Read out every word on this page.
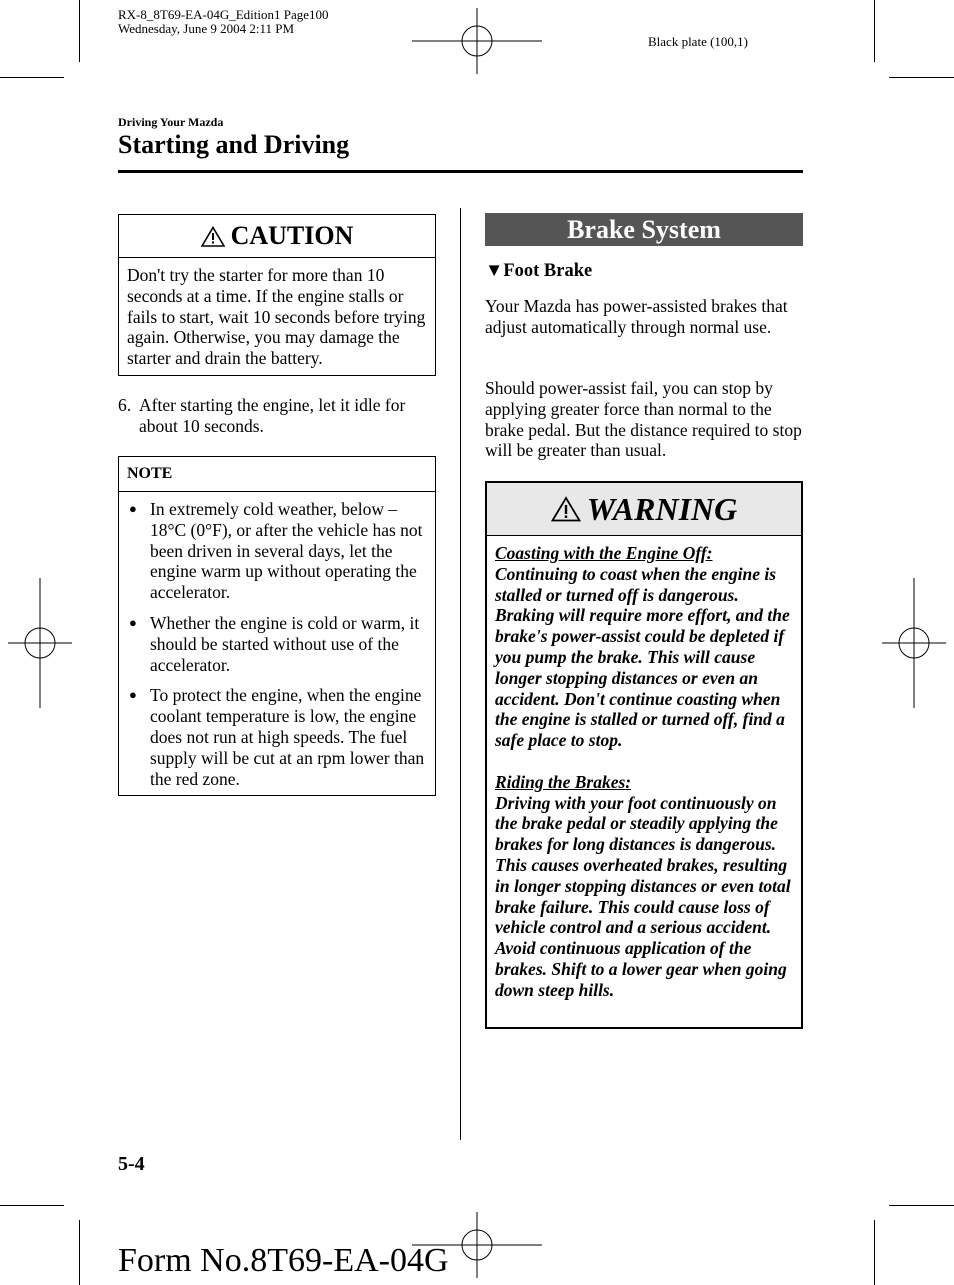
RX-8_8T69-EA-04G_Edition1 Page100
Wednesday, June 9 2004 2:11 PM
Black plate (100,1)
Driving Your Mazda
Starting and Driving
CAUTION
Don't try the starter for more than 10 seconds at a time. If the engine stalls or fails to start, wait 10 seconds before trying again. Otherwise, you may damage the starter and drain the battery.
6. After starting the engine, let it idle for about 10 seconds.
NOTE
● In extremely cold weather, below –18°C (0°F), or after the vehicle has not been driven in several days, let the engine warm up without operating the accelerator.
● Whether the engine is cold or warm, it should be started without use of the accelerator.
● To protect the engine, when the engine coolant temperature is low, the engine does not run at high speeds. The fuel supply will be cut at an rpm lower than the red zone.
Brake System
▼Foot Brake
Your Mazda has power-assisted brakes that adjust automatically through normal use.
Should power-assist fail, you can stop by applying greater force than normal to the brake pedal. But the distance required to stop will be greater than usual.
WARNING
Coasting with the Engine Off:
Continuing to coast when the engine is stalled or turned off is dangerous. Braking will require more effort, and the brake's power-assist could be depleted if you pump the brake. This will cause longer stopping distances or even an accident. Don't continue coasting when the engine is stalled or turned off, find a safe place to stop.
Riding the Brakes:
Driving with your foot continuously on the brake pedal or steadily applying the brakes for long distances is dangerous. This causes overheated brakes, resulting in longer stopping distances or even total brake failure. This could cause loss of vehicle control and a serious accident. Avoid continuous application of the brakes. Shift to a lower gear when going down steep hills.
5-4
Form No.8T69-EA-04G
